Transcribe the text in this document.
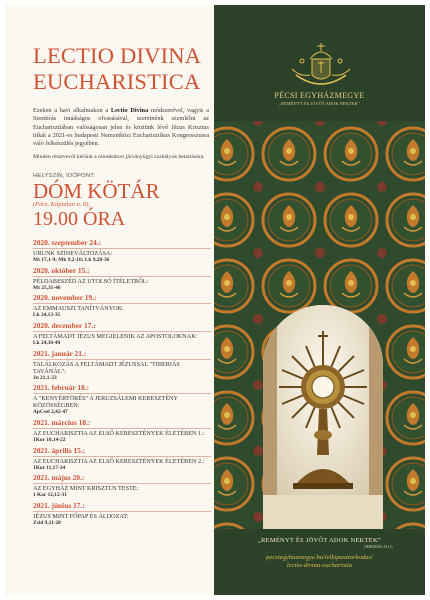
LECTIO DIVINA
EUCHARISTICA
Ezeken a havi alkalmakon a Lectio Divina módszerével, vagyis a Szentírás imádságos olvasásával, szeretnénk szemlélni az Eucharisztiában valóságosan jelen és köztünk lévő Jézus Krisztus titkát a 2021-es budapesti Nemzetközi Eucharisztikus Kongresszusra való felkészülés jegyében.
Minden résztvevőt kérünk a mindenkori járványügyi szabályok betartására.
HELYSZÍN, IDŐPONT:
DÓM KÖTÁR
(Pécs, Káptalan u. 8),
19.00 ÓRA
2020. szeptember 24.:
URUNK SZÍNEVÁLTOZÁSA:
Mt 17,1-9; Mk 9,2-10; Lk 9,28-36
2020. október 15.:
PÉLDABESZÉD AZ UTOLSÓ ÍTÉLETRŐL:
Mt 25,31-46
2020. november 19.:
AZ EMMAUSZI TANÍTVÁNYOK:
Lk 24,13-35
2020. december 17.:
A FELTÁMADT JÉZUS MEGJELENIK AZ APOSTOLOKNAK:
Lk 24,36-49
2021. január 21.:
TALÁLKOZÁS A FELTÁMADT JÉZUSSAL "TIBERIÁS TAVÁNÁL":
Jn 21,1-23
2021. február 18.:
A "KENYÉRTÖRÉS" A JERUZSÁLEMI KERESZTÉNY KÖZÖSSÉGBEN:
ApCsel 2,42-47
2021. március 18.:
AZ EUCHARISZTIA AZ ELSŐ KERESZTÉNYEK ÉLETÉBEN 1.:
1Kor 10,14-22
2021. április 15.:
AZ EUCHARISZTIA AZ ELSŐ KERESZTÉNYEK ÉLETÉBEN 2.:
1Kor 11,17-34
2021. május 20.:
AZ EGYHÁZ MINT KRISZTUS TESTE:
1 Kor 12,12-31
2021. június 17.:
JÉZUS MINT FŐPAP ÉS ÁLDOZAT:
Zsid 9,11-28
PÉCSI EGYHÁZMEGYE
„REMÉNYT ÉS JÖVŐT ADOK NEKTEK”
„REMÉNYT ÉS JÖVŐT ADOK NEKTEK”
(JEREMIÁS 29,11)
pecsiegyhazmegye.hu/lelkipasztorkodas/
lectio-divina-eucharistia
